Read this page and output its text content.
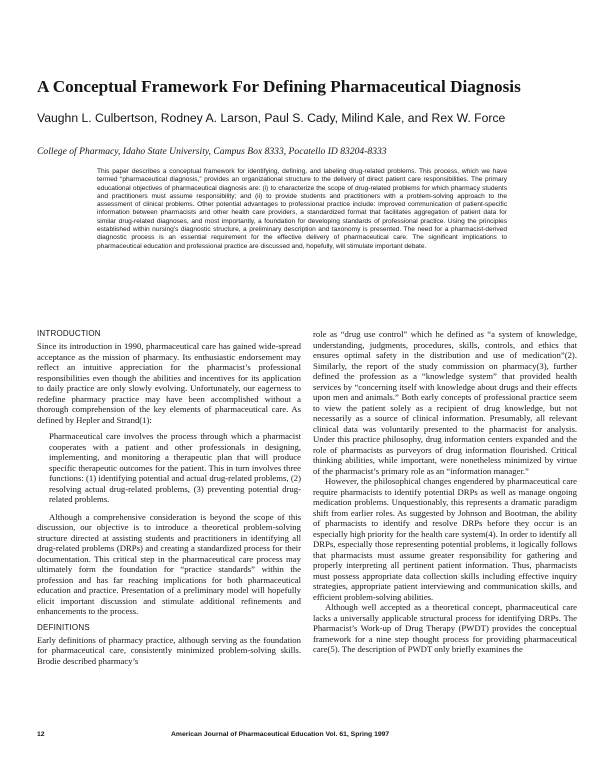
A Conceptual Framework For Defining Pharmaceutical Diagnosis
Vaughn L. Culbertson, Rodney A. Larson, Paul S. Cady, Milind Kale, and Rex W. Force
College of Pharmacy, Idaho State University, Campus Box 8333, Pocatello ID 83204-8333

This paper describes a conceptual framework for identifying, defining, and labeling drug-related problems. This process, which we have termed “pharmaceutical diagnosis,” provides an organizational structure to the delivery of direct patient care responsibilities. The primary educational objectives of pharmaceutical diagnosis are: (i) to characterize the scope of drug-related problems for which pharmacy students and practitioners must assume responsibility; and (ii) to provide students and practitioners with a problem-solving approach to the assessment of clinical problems. Other potential advantages to professional practice include: improved communication of patient-specific information between pharmacists and other health care providers, a standardized format that facilitates aggregation of patient data for similar drug-related diagnoses, and most importantly, a foundation for developing standards of professional practice. Using the principles established within nursing’s diagnostic structure, a preliminary description and taxonomy is presented. The need for a pharmacist-derived diagnostic process is an essential requirement for the effective delivery of pharmaceutical care. The significant implications to pharmaceutical education and professional practice are discussed and, hopefully, will stimulate important debate.

INTRODUCTION

Since its introduction in 1990, pharmaceutical care has gained wide-spread acceptance as the mission of pharmacy. Its enthusiastic endorsement may reflect an intuitive appreciation for the pharmacist’s professional responsibilities even though the abilities and incentives for its application to daily practice are only slowly evolving. Unfortunately, our eagerness to redefine pharmacy practice may have been accomplished without a thorough comprehension of the key elements of pharmaceutical care. As defined by Hepler and Strand(1):

Pharmaceutical care involves the process through which a pharmacist cooperates with a patient and other professionals in designing, implementing, and monitoring a therapeutic plan that will produce specific therapeutic outcomes for the patient. This in turn involves three functions: (1) identifying potential and actual drug-related problems, (2) resolving actual drug-related problems, (3) preventing potential drug-related problems.

Although a comprehensive consideration is beyond the scope of this discussion, our objective is to introduce a theoretical problem-solving structure directed at assisting students and practitioners in identifying all drug-related problems (DRPs) and creating a standardized process for their documentation. This critical step in the pharmaceutical care process may ultimately form the foundation for “practice standards” within the profession and has far reaching implications for both pharmaceutical education and practice. Presentation of a preliminary model will hopefully elicit important discussion and stimulate additional refinements and enhancements to the process.

DEFINITIONS

Early definitions of pharmacy practice, although serving as the foundation for pharmaceutical care, consistently minimized problem-solving skills. Brodie described pharmacy’s

role as “drug use control” which he defined as “a system of knowledge, understanding, judgments, procedures, skills, controls, and ethics that ensures optimal safety in the distribution and use of medication”(2). Similarly, the report of the study commission on pharmacy(3), further defined the profession as a “knowledge system” that provided health services by “concerning itself with knowledge about drugs and their effects upon men and animals.” Both early concepts of professional practice seem to view the patient solely as a recipient of drug knowledge, but not necessarily as a source of clinical information. Presumably, all relevant clinical data was voluntarily presented to the pharmacist for analysis. Under this practice philosophy, drug information centers expanded and the role of pharmacists as purveyors of drug information flourished. Critical thinking abilities, while important, were nonetheless minimized by virtue of the pharmacist’s primary role as an “information manager.”

However, the philosophical changes engendered by pharmaceutical care require pharmacists to identify potential DRPs as well as manage ongoing medication problems. Unquestionably, this represents a dramatic paradigm shift from earlier roles. As suggested by Johnson and Bootman, the ability of pharmacists to identify and resolve DRPs before they occur is an especially high priority for the health care system(4). In order to identify all DRPs, especially those representing potential problems, it logically follows that pharmacists must assume greater responsibility for gathering and properly interpreting all pertinent patient information. Thus, pharmacists must possess appropriate data collection skills including effective inquiry strategies, appropriate patient interviewing and communication skills, and efficient problem-solving abilities.

Although well accepted as a theoretical concept, pharmaceutical care lacks a universally applicable structural process for identifying DRPs. The Pharmacist’s Work-up of Drug Therapy (PWDT) provides the conceptual framework for a nine step thought process for providing pharmaceutical care(5). The description of PWDT only briefly examines the

12	American Journal of Pharmaceutical Education Vol. 61, Spring 1997
